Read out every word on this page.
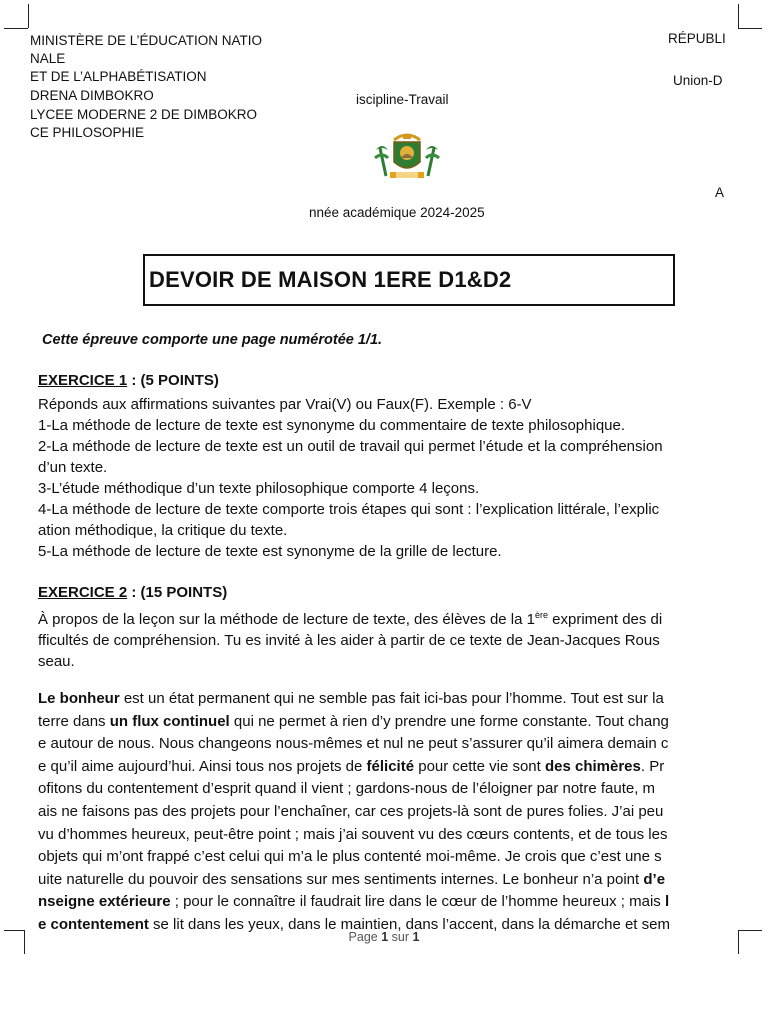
MINISTÈRE DE L’ÉDUCATION NATIO
NALE
ET DE L’ALPHABÉTISATION
DRENA DIMBOKRO
LYCEE MODERNE 2 DE DIMBOKRO
CE PHILOSOPHIE
RÉPUBLI
Union-D
iscipline-Travail
A
nnée académique 2024-2025
DEVOIR DE MAISON 1ERE D1&D2
Cette épreuve comporte une page numérotée 1/1.
EXERCICE 1 : (5 POINTS)

Réponds aux affirmations suivantes par Vrai(V) ou Faux(F). Exemple : 6-V

1-La méthode de lecture de texte est synonyme du commentaire de texte philosophique.

2-La méthode de lecture de texte est un outil de travail qui permet l’étude et la compréhension

d’un texte.

3-L’étude méthodique d’un texte philosophique comporte 4 leçons.

4-La méthode de lecture de texte comporte trois étapes qui sont : l’explication littérale, l’explic

ation méthodique, la critique du texte.

5-La méthode de lecture de texte est synonyme de la grille de lecture.

EXERCICE 2 : (15 POINTS)

À propos de la leçon sur la méthode de lecture de texte, des élèves de la 1ère expriment des di

fficultés de compréhension. Tu es invité à les aider à partir de ce texte de Jean-Jacques Rous

seau.

Le bonheur est un état permanent qui ne semble pas fait ici-bas pour l’homme. Tout est sur la

terre dans un flux continuel qui ne permet à rien d’y prendre une forme constante. Tout chang

e autour de nous. Nous changeons nous-mêmes et nul ne peut s’assurer qu’il aimera demain c

e qu’il aime aujourd’hui. Ainsi tous nos projets de félicité pour cette vie sont des chimères. Pr

ofitons du contentement d’esprit quand il vient ; gardons-nous de l’éloigner par notre faute, m

ais ne faisons pas des projets pour l’enchaîner, car ces projets-là sont de pures folies. J’ai peu

vu d’hommes heureux, peut-être point ; mais j’ai souvent vu des cœurs contents, et de tous les

objets qui m’ont frappé c’est celui qui m’a le plus contenté moi-même. Je crois que c’est une s

uite naturelle du pouvoir des sensations sur mes sentiments internes. Le bonheur n’a point d’e

nseigne extérieure ; pour le connaître il faudrait lire dans le cœur de l’homme heureux ; mais l

e contentement se lit dans les yeux, dans le maintien, dans l’accent, dans la démarche et sem

Page 1 sur 1
